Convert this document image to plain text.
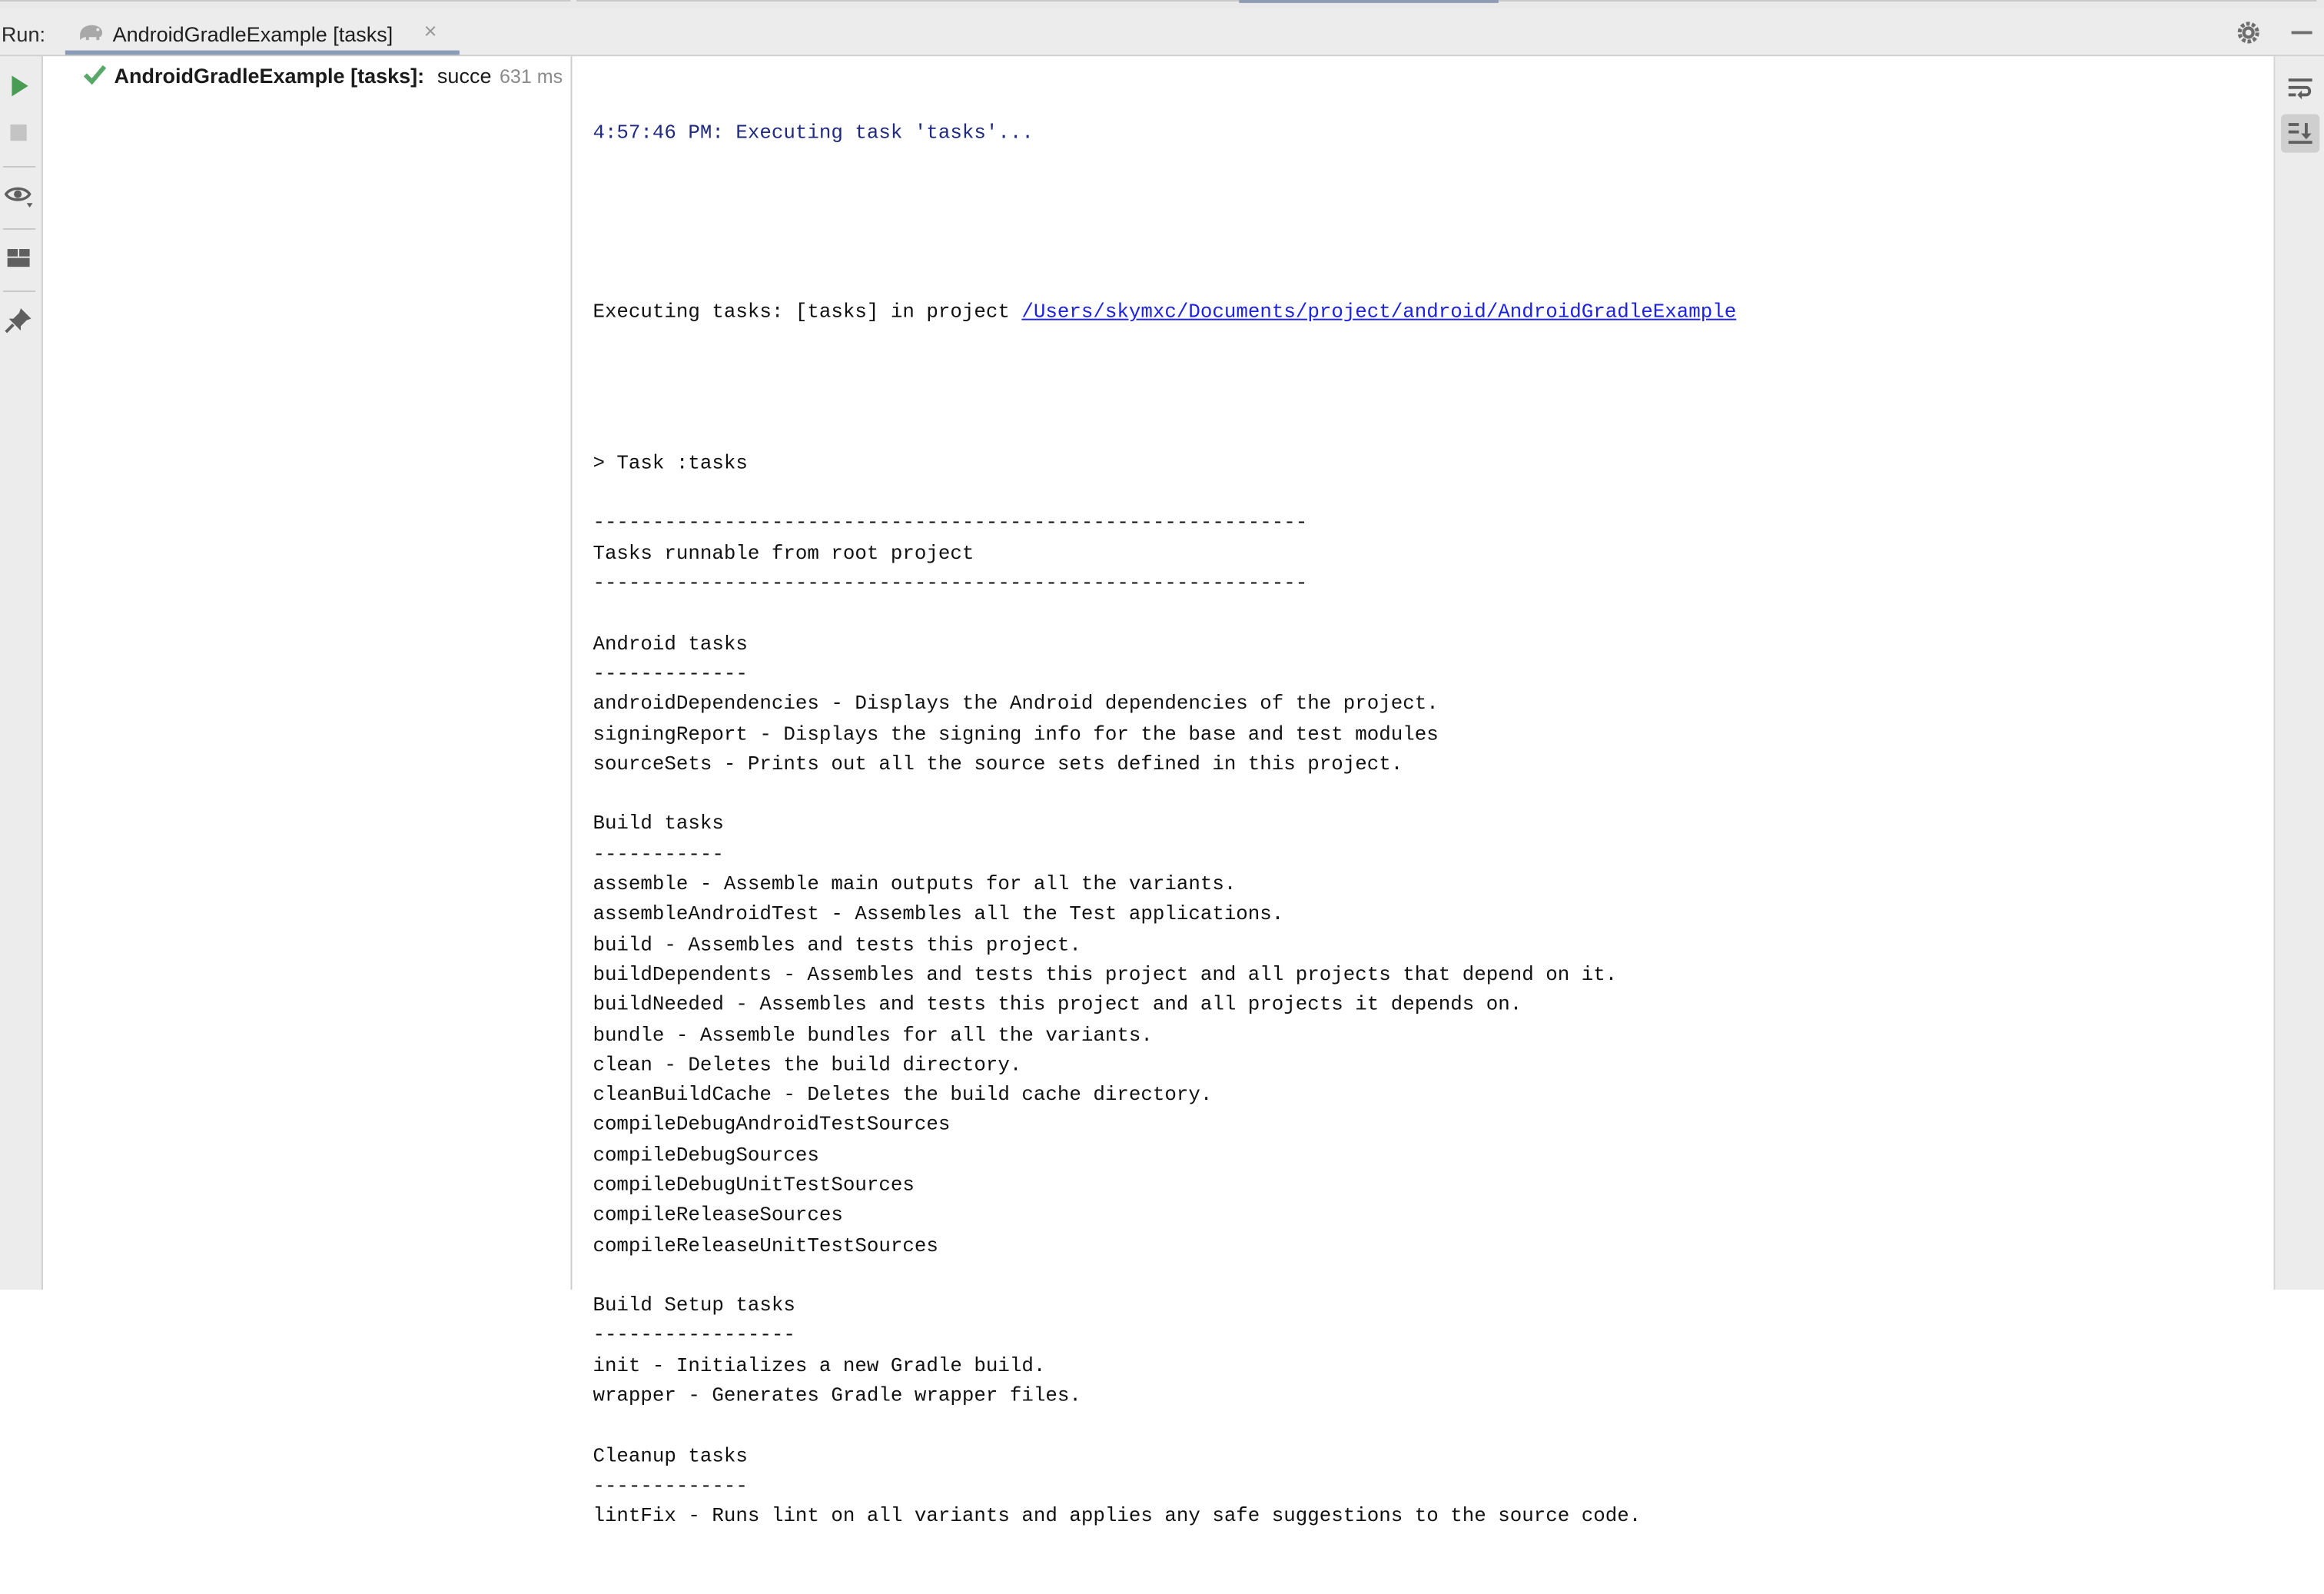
Run:	AndroidGradleExample [tasks]	×
AndroidGradleExample [tasks]: succe 631 ms

4:57:46 PM: Executing task 'tasks'...

Executing tasks: [tasks] in project /Users/skymxc/Documents/project/android/AndroidGradleExample

> Task :tasks
------------------------------------------------------------
Tasks runnable from root project
------------------------------------------------------------
Android tasks
-------------
androidDependencies - Displays the Android dependencies of the project.
signingReport - Displays the signing info for the base and test modules
sourceSets - Prints out all the source sets defined in this project.
Build tasks
-----------
assemble - Assemble main outputs for all the variants.
assembleAndroidTest - Assembles all the Test applications.
build - Assembles and tests this project.
buildDependents - Assembles and tests this project and all projects that depend on it.
buildNeeded - Assembles and tests this project and all projects it depends on.
bundle - Assemble bundles for all the variants.
clean - Deletes the build directory.
cleanBuildCache - Deletes the build cache directory.
compileDebugAndroidTestSources
compileDebugSources
compileDebugUnitTestSources
compileReleaseSources
compileReleaseUnitTestSources
Build Setup tasks
-----------------
init - Initializes a new Gradle build.
wrapper - Generates Gradle wrapper files.
Cleanup tasks
-------------
lintFix - Runs lint on all variants and applies any safe suggestions to the source code.
